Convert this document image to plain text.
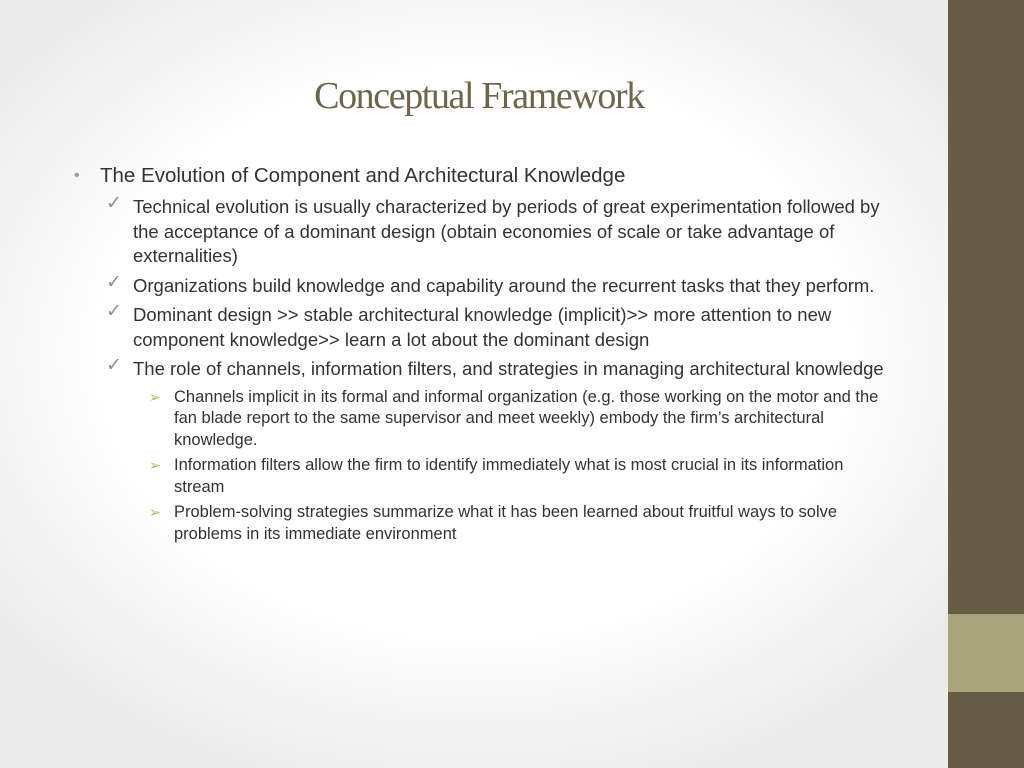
Conceptual Framework
• The Evolution of Component and Architectural Knowledge
✓ Technical evolution is usually characterized by periods of great experimentation followed by the acceptance of a dominant design (obtain economies of scale or take advantage of externalities)
✓ Organizations build knowledge and capability around the recurrent tasks that they perform.
✓ Dominant design >> stable architectural knowledge (implicit)>> more attention to new component knowledge>> learn a lot about the dominant design
✓ The role of channels, information filters, and strategies in managing architectural knowledge
➢ Channels implicit in its formal and informal organization (e.g. those working on the motor and the fan blade report to the same supervisor and meet weekly) embody the firm’s architectural knowledge.
➢ Information filters allow the firm to identify immediately what is most crucial in its information stream
➢ Problem-solving strategies summarize what it has been learned about fruitful ways to solve problems in its immediate environment
